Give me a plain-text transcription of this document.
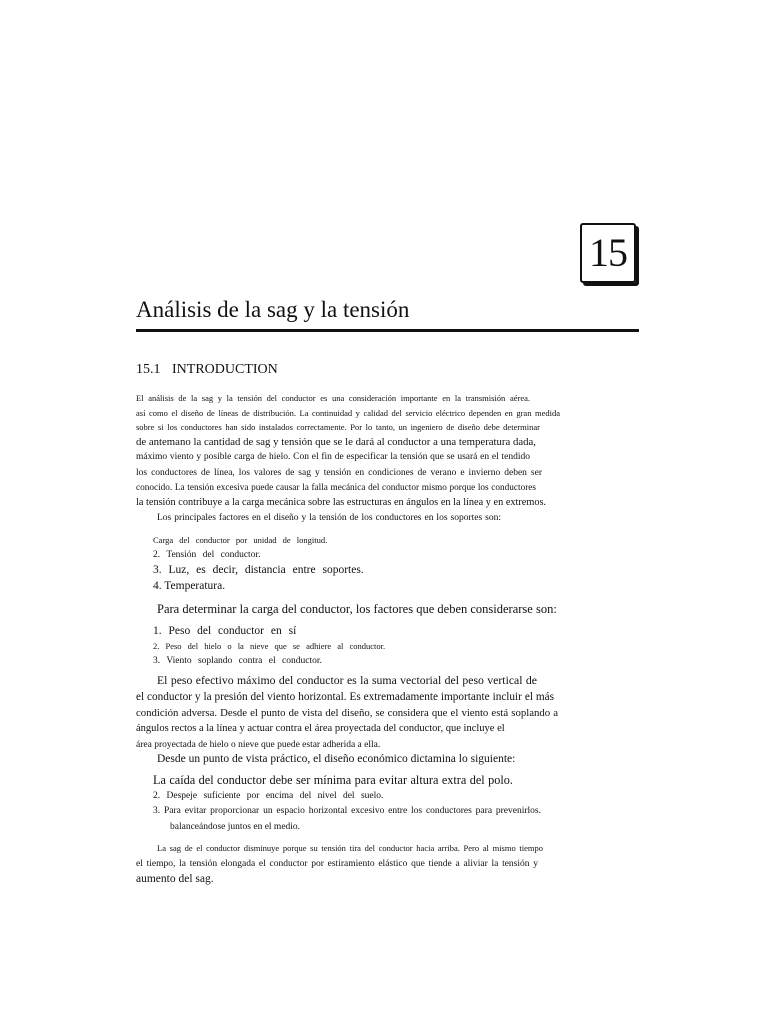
15
Análisis de la sag y la tensión
15.1 INTRODUCTION
El análisis de la sag y la tensión del conductor es una consideración importante en la transmisión aérea.
así como el diseño de líneas de distribución. La continuidad y calidad del servicio eléctrico dependen en gran medida
sobre si los conductores han sido instalados correctamente. Por lo tanto, un ingeniero de diseño debe determinar
de antemano la cantidad de sag y tensión que se le dará al conductor a una temperatura dada,
máximo viento y posible carga de hielo. Con el fin de especificar la tensión que se usará en el tendido
los conductores de línea, los valores de sag y tensión en condiciones de verano e invierno deben ser
conocido. La tensión excesiva puede causar la falla mecánica del conductor mismo porque los conductores
la tensión contribuye a la carga mecánica sobre las estructuras en ángulos en la línea y en extremos.
Los principales factores en el diseño y la tensión de los conductores en los soportes son:
Carga del conductor por unidad de longitud.
2. Tensión del conductor.
3. Luz, es decir, distancia entre soportes.
4. Temperatura.
Para determinar la carga del conductor, los factores que deben considerarse son:
1. Peso del conductor en sí
2. Peso del hielo o la nieve que se adhiere al conductor.
3. Viento soplando contra el conductor.
El peso efectivo máximo del conductor es la suma vectorial del peso vertical de
el conductor y la presión del viento horizontal. Es extremadamente importante incluir el más
condición adversa. Desde el punto de vista del diseño, se considera que el viento está soplando a
ángulos rectos a la línea y actuar contra el área proyectada del conductor, que incluye el
área proyectada de hielo o nieve que puede estar adherida a ella.
Desde un punto de vista práctico, el diseño económico dictamina lo siguiente:
La caída del conductor debe ser mínima para evitar altura extra del polo.
2. Despeje suficiente por encima del nivel del suelo.
3. Para evitar proporcionar un espacio horizontal excesivo entre los conductores para prevenirlos.
balanceándose juntos en el medio.
La sag de el conductor disminuye porque su tensión tira del conductor hacia arriba. Pero al mismo tiempo
el tiempo, la tensión elongada el conductor por estiramiento elástico que tiende a aliviar la tensión y
aumento del sag.
